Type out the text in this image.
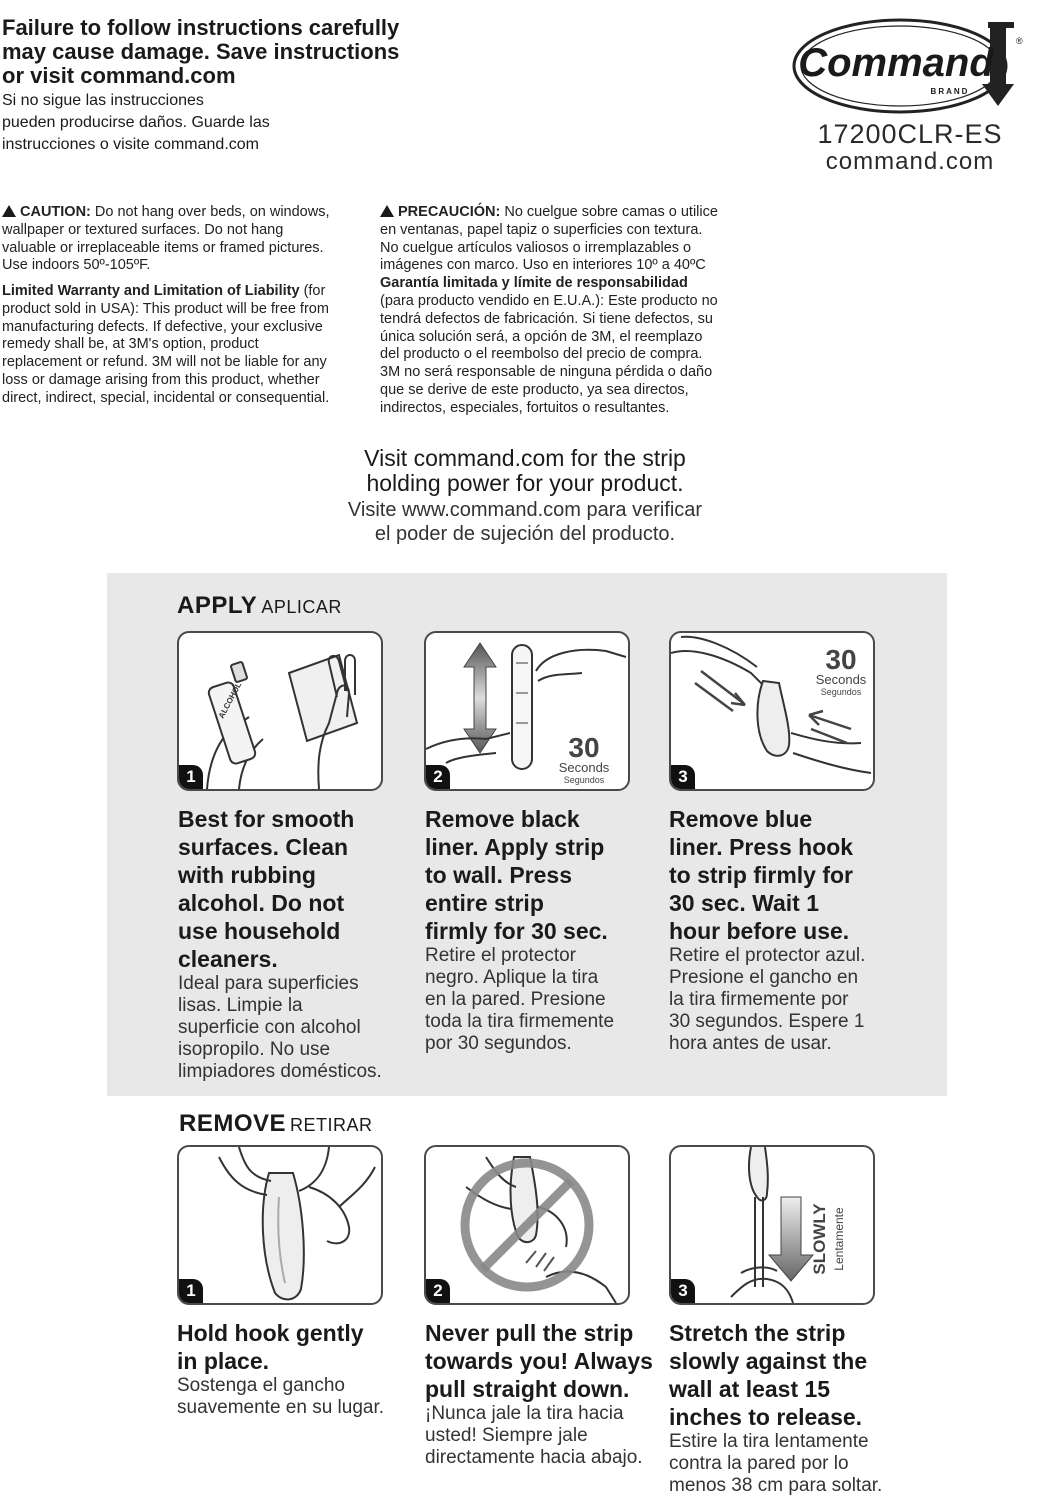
Failure to follow instructions carefully
may cause damage. Save instructions
or visit command.com
Si no sigue las instrucciones
pueden producirse daños. Guarde las
instrucciones o visite command.com
Command
BRAND
®
17200CLR-ES
command.com
CAUTION: Do not hang over beds, on windows,
wallpaper or textured surfaces. Do not hang
valuable or irreplaceable items or framed pictures.
Use indoors 50º-105ºF.
Limited Warranty and Limitation of Liability (for
product sold in USA): This product will be free from
manufacturing defects. If defective, your exclusive
remedy shall be, at 3M's option, product
replacement or refund. 3M will not be liable for any
loss or damage arising from this product, whether
direct, indirect, special, incidental or consequential.
PRECAUCIÓN: No cuelgue sobre camas o utilice
en ventanas, papel tapiz o superficies con textura.
No cuelgue artículos valiosos o irremplazables o
imágenes con marco. Uso en interiores 10º a 40ºC
Garantía limitada y límite de responsabilidad
(para producto vendido en E.U.A.): Este producto no
tendrá defectos de fabricación. Si tiene defectos, su
única solución será, a opción de 3M, el reemplazo
del producto o el reembolso del precio de compra.
3M no será responsable de ninguna pérdida o daño
que se derive de este producto, ya sea directos,
indirectos, especiales, fortuitos o resultantes.
Visit command.com for the strip
holding power for your product.
Visite www.command.com para verificar
el poder de sujeción del producto.
APPLY APLICAR
ALCOHOL
1
Best for smooth
surfaces. Clean
with rubbing
alcohol. Do not
use household
cleaners.
Ideal para superficies
lisas. Limpie la
superficie con alcohol
isopropilo. No use
limpiadores domésticos.
30
Seconds
Segundos
2
Remove black
liner. Apply strip
to wall. Press
entire strip
firmly for 30 sec.
Retire el protector
negro. Aplique la tira
en la pared. Presione
toda la tira firmemente
por 30 segundos.
30
Seconds
Segundos
3
Remove blue
liner. Press hook
to strip firmly for
30 sec. Wait 1
hour before use.
Retire el protector azul.
Presione el gancho en
la tira firmemente por
30 segundos. Espere 1
hora antes de usar.
REMOVE RETIRAR
1
Hold hook gently
in place.
Sostenga el gancho
suavemente en su lugar.
2
Never pull the strip
towards you! Always
pull straight down.
¡Nunca jale la tira hacia
usted! Siempre jale
directamente hacia abajo.
SLOWLY Lentamente
3
Stretch the strip
slowly against the
wall at least 15
inches to release.
Estire la tira lentamente
contra la pared por lo
menos 38 cm para soltar.
